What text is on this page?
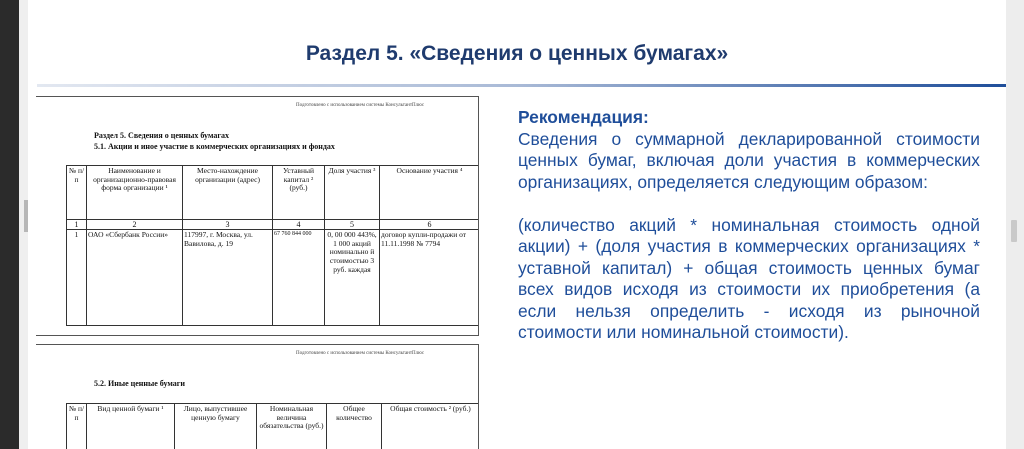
Раздел 5. «Сведения о ценных бумагах»
Подготовлено с использованием системы КонсультантПлюс
Раздел 5. Сведения о ценных бумагах
5.1. Акции и иное участие в коммерческих организациях и фондах
№ п/п	Наименование и организационно-правовая форма организации ¹	Место-нахождение организации (адрес)	Уставный капитал ² (руб.)	Доля участия ³	Основание участия ⁴
1	2	3	4	5	6
1	ОАО «Сбербанк России»	117997, г. Москва, ул. Вавилова, д. 19	67 760 844 000	0, 00 000 443%, 1 000 акций номинально й стоимостью 3 руб. каждая	договор купли-продажи от 11.11.1998 № 7794
Подготовлено с использованием системы КонсультантПлюс
5.2. Иные ценные бумаги
№ п/п	Вид ценной бумаги ¹	Лицо, выпустившее ценную бумагу	Номинальная величина обязательства (руб.)	Общее количество	Общая стоимость ² (руб.)
Рекомендация:

Сведения о суммарной декларированной стоимости ценных бумаг, включая доли участия в коммерческих организациях, определяется следующим образом:

(количество акций * номинальная стоимость одной акции) + (доля участия в коммерческих организациях * уставной капитал) + общая стоимость ценных бумаг всех видов исходя из стоимости их приобретения (а если нельзя определить - исходя из рыночной стоимости или номинальной стоимости).
